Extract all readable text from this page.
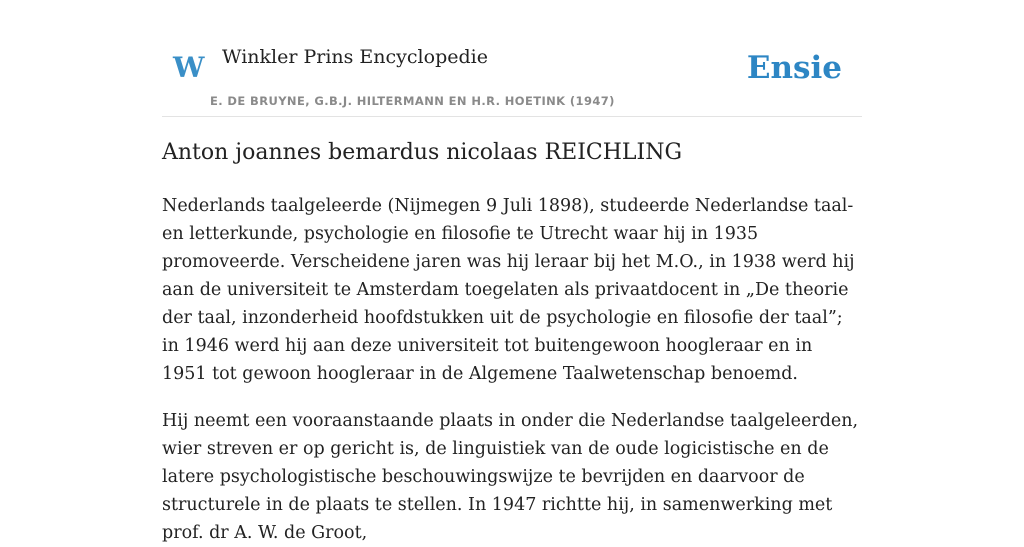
W Winkler Prins Encyclopedie
E. DE BRUYNE, G.B.J. HILTERMANN EN H.R. HOETINK (1947)
Ensie
Anton joannes bemardus nicolaas REICHLING

Nederlands taalgeleerde (Nijmegen 9 Juli 1898), studeerde Nederlandse taal- en letterkunde, psychologie en filosofie te Utrecht waar hij in 1935 promoveerde. Verscheidene jaren was hij leraar bij het M.O., in 1938 werd hij aan de universiteit te Amsterdam toegelaten als privaatdocent in „De theorie der taal, inzonderheid hoofdstukken uit de psychologie en filosofie der taal”; in 1946 werd hij aan deze universiteit tot buitengewoon hoogleraar en in 1951 tot gewoon hoogleraar in de Algemene Taalwetenschap benoemd.

Hij neemt een vooraanstaande plaats in onder die Nederlandse taalgeleerden, wier streven er op gericht is, de linguistiek van de oude logicistische en de latere psychologistische beschouwingswijze te bevrijden en daarvoor de structurele in de plaats te stellen. In 1947 richtte hij, in samenwerking met prof. dr A. W. de Groot,
